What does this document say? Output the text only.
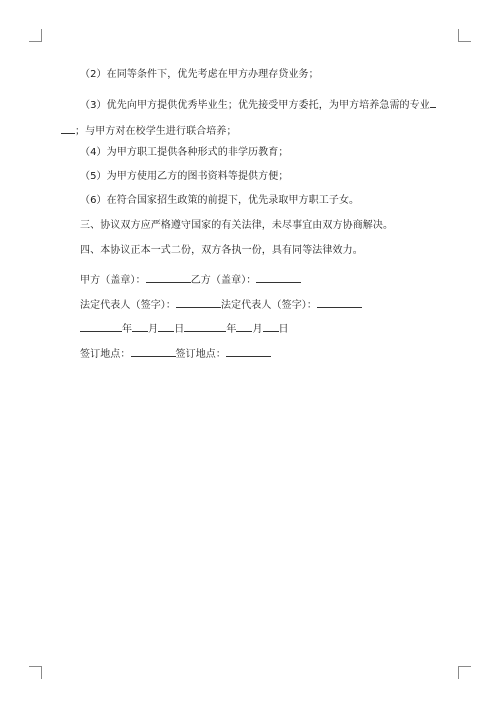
（2）在同等条件下，优先考虑在甲方办理存贷业务；
（3）优先向甲方提供优秀毕业生；优先接受甲方委托，为甲方培养急需的专业
；与甲方对在校学生进行联合培养；
（4）为甲方职工提供各种形式的非学历教育；
（5）为甲方使用乙方的图书资料等提供方便；
（6）在符合国家招生政策的前提下，优先录取甲方职工子女。
三、协议双方应严格遵守国家的有关法律，未尽事宜由双方协商解决。
四、本协议正本一式二份，双方各执一份，具有同等法律效力。
甲方（盖章）：	乙方（盖章）：
法定代表人（签字）：	法定代表人（签字）：
年 月 日	年 月 日
签订地点：	签订地点：
